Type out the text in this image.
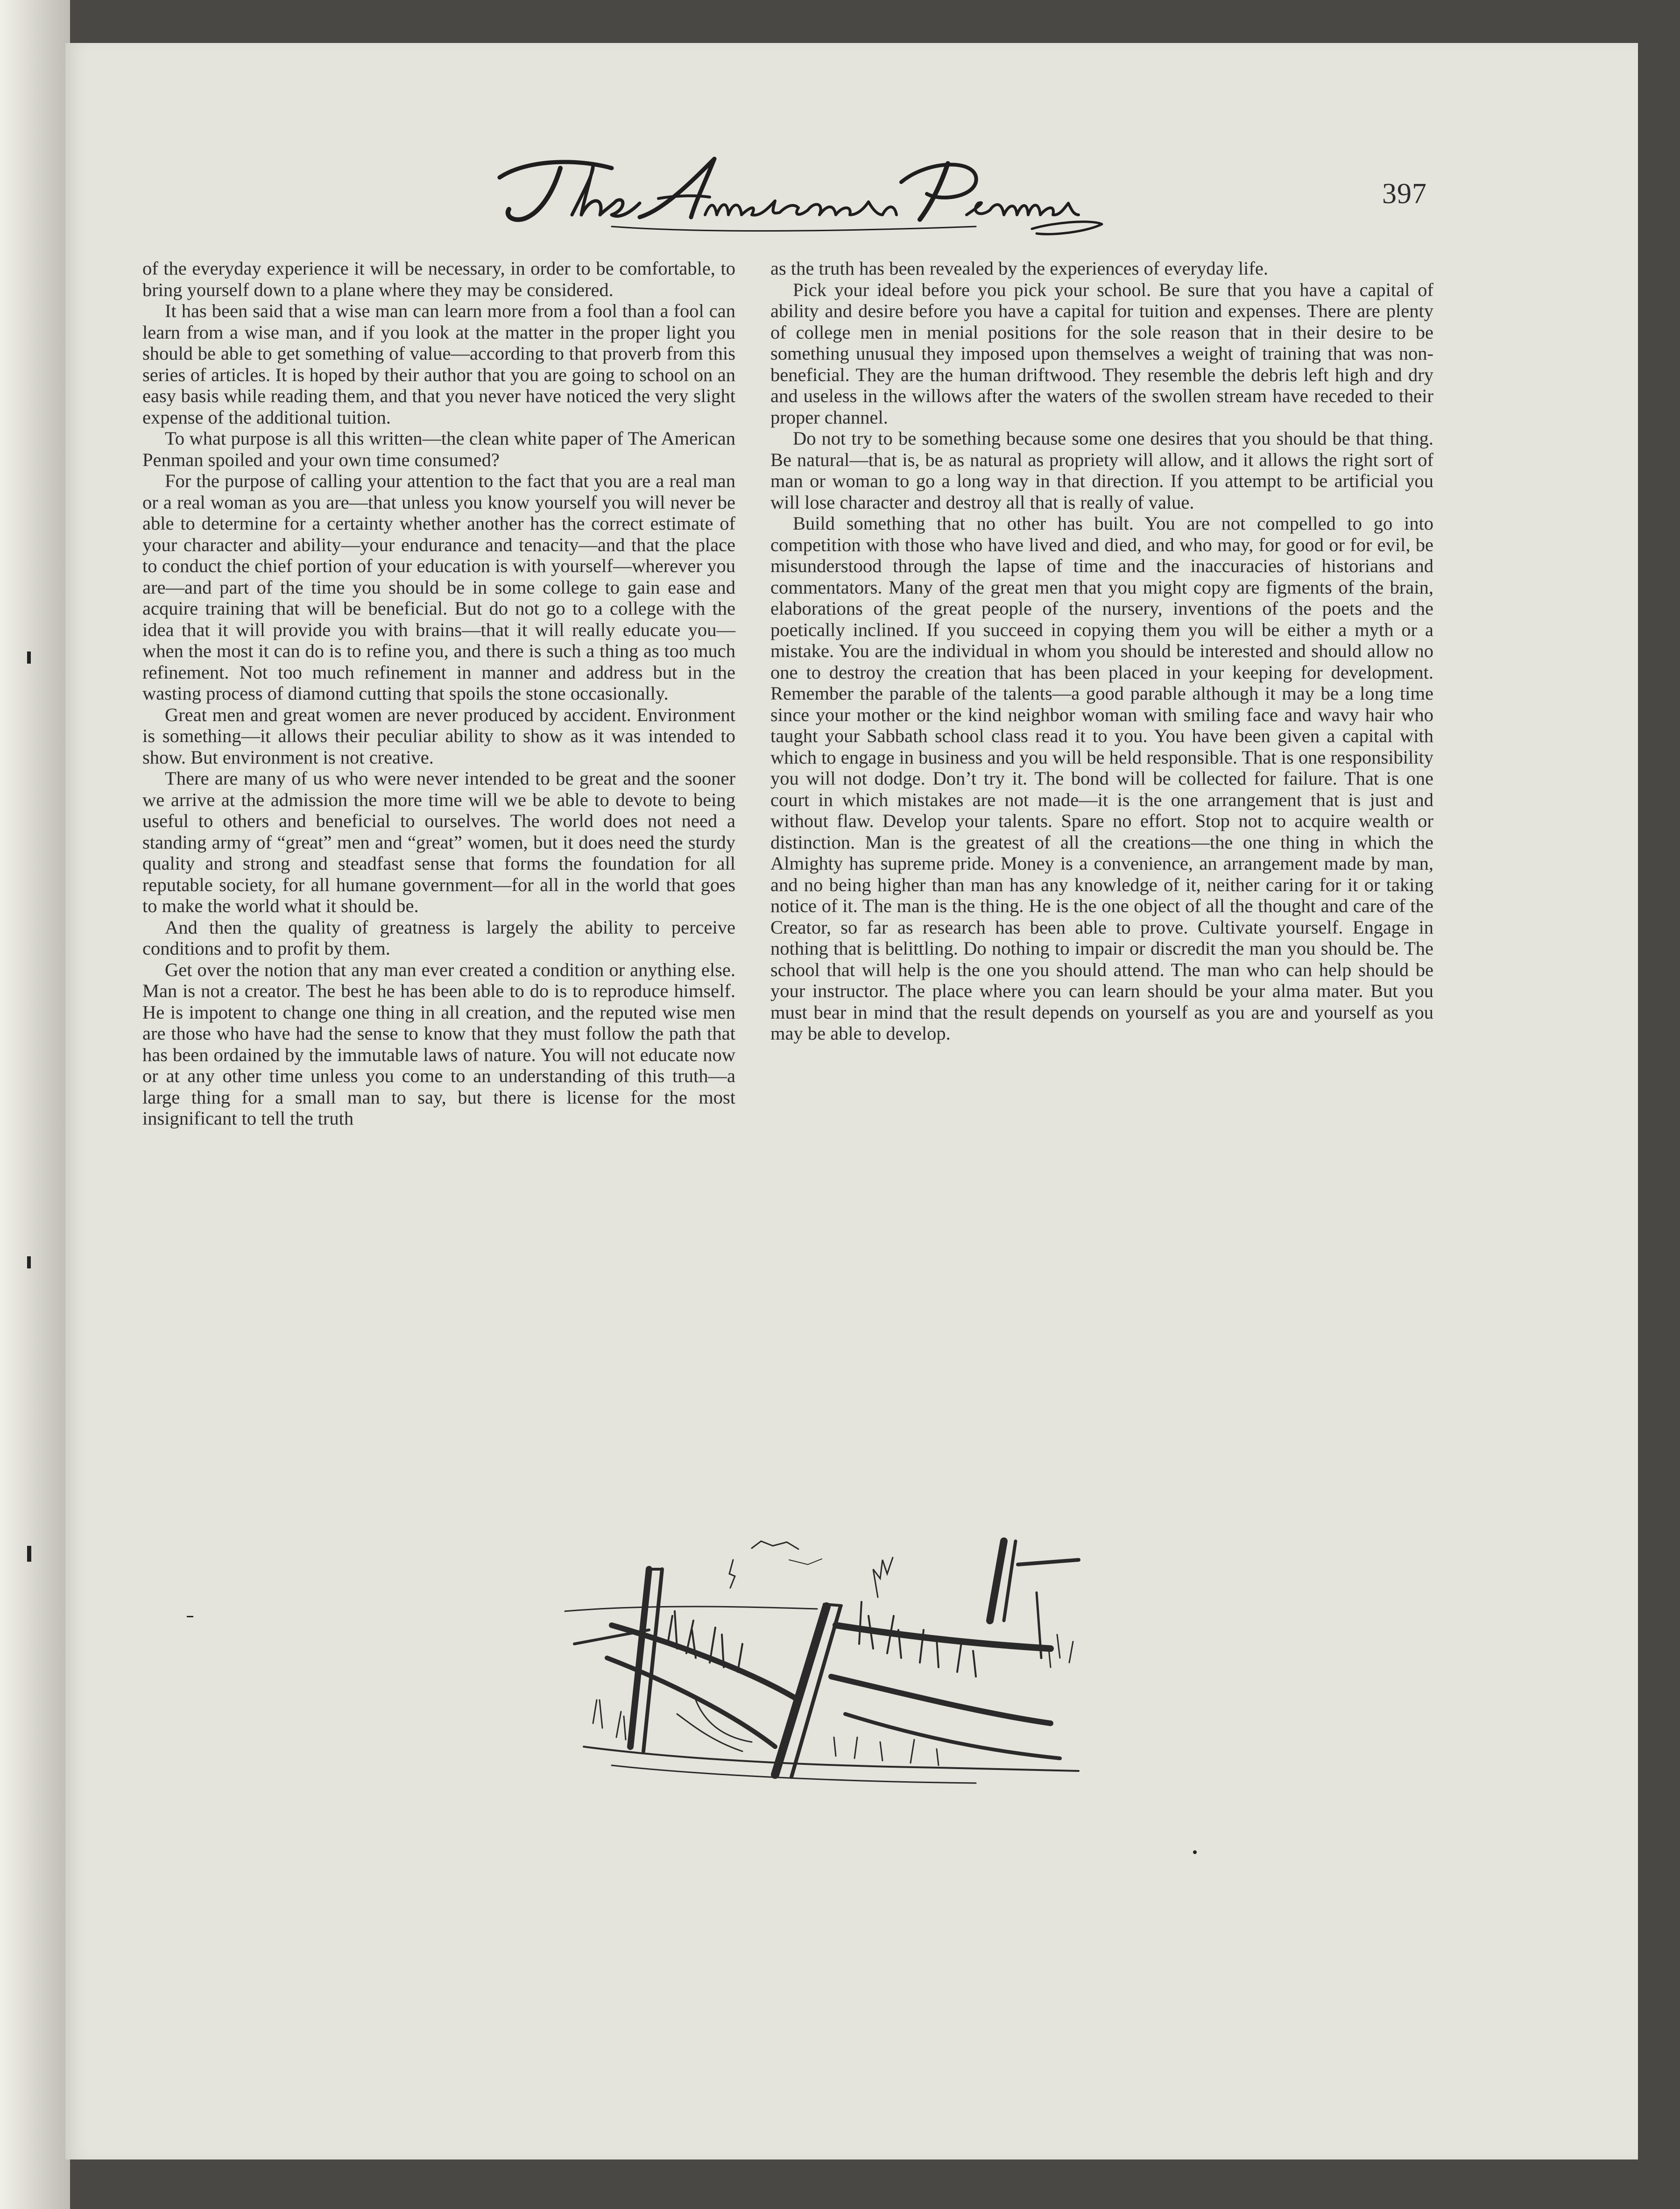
397

of the everyday experience it will be necessary, in order to be comfortable, to bring yourself down to a plane where they may be considered.

It has been said that a wise man can learn more from a fool than a fool can learn from a wise man, and if you look at the matter in the proper light you should be able to get something of value—according to that proverb from this series of articles. It is hoped by their author that you are going to school on an easy basis while reading them, and that you never have noticed the very slight expense of the additional tuition.

To what purpose is all this written—the clean white paper of The American Penman spoiled and your own time consumed?

For the purpose of calling your attention to the fact that you are a real man or a real woman as you are—that unless you know yourself you will never be able to determine for a certainty whether another has the correct estimate of your character and ability—your endurance and tenacity—and that the place to conduct the chief portion of your education is with yourself—wherever you are—and part of the time you should be in some college to gain ease and acquire training that will be beneficial. But do not go to a college with the idea that it will provide you with brains—that it will really educate you—when the most it can do is to refine you, and there is such a thing as too much refinement. Not too much refinement in manner and address but in the wasting process of diamond cutting that spoils the stone occasionally.

Great men and great women are never produced by accident. Environment is something—it allows their peculiar ability to show as it was intended to show. But environment is not creative.

There are many of us who were never intended to be great and the sooner we arrive at the admission the more time will we be able to devote to being useful to others and beneficial to ourselves. The world does not need a standing army of “great” men and “great” women, but it does need the sturdy quality and strong and steadfast sense that forms the foundation for all reputable society, for all humane government—for all in the world that goes to make the world what it should be.

And then the quality of greatness is largely the ability to perceive conditions and to profit by them.

Get over the notion that any man ever created a condition or anything else. Man is not a creator. The best he has been able to do is to reproduce himself. He is impotent to change one thing in all creation, and the reputed wise men are those who have had the sense to know that they must follow the path that has been ordained by the immutable laws of nature. You will not educate now or at any other time unless you come to an understanding of this truth—a large thing for a small man to say, but there is license for the most insignificant to tell the truth

as the truth has been revealed by the experiences of everyday life.

Pick your ideal before you pick your school. Be sure that you have a capital of ability and desire before you have a capital for tuition and expenses. There are plenty of college men in menial positions for the sole reason that in their desire to be something unusual they imposed upon themselves a weight of training that was non-beneficial. They are the human driftwood. They resemble the debris left high and dry and useless in the willows after the waters of the swollen stream have receded to their proper channel.

Do not try to be something because some one desires that you should be that thing. Be natural—that is, be as natural as propriety will allow, and it allows the right sort of man or woman to go a long way in that direction. If you attempt to be artificial you will lose character and destroy all that is really of value.

Build something that no other has built. You are not compelled to go into competition with those who have lived and died, and who may, for good or for evil, be misunderstood through the lapse of time and the inaccuracies of historians and commentators. Many of the great men that you might copy are figments of the brain, elaborations of the great people of the nursery, inventions of the poets and the poetically inclined. If you succeed in copying them you will be either a myth or a mistake. You are the individual in whom you should be interested and should allow no one to destroy the creation that has been placed in your keeping for development. Remember the parable of the talents—a good parable although it may be a long time since your mother or the kind neighbor woman with smiling face and wavy hair who taught your Sabbath school class read it to you. You have been given a capital with which to engage in business and you will be held responsible. That is one responsibility you will not dodge. Don’t try it. The bond will be collected for failure. That is one court in which mistakes are not made—it is the one arrangement that is just and without flaw. Develop your talents. Spare no effort. Stop not to acquire wealth or distinction. Man is the greatest of all the creations—the one thing in which the Almighty has supreme pride. Money is a convenience, an arrangement made by man, and no being higher than man has any knowledge of it, neither caring for it or taking notice of it. The man is the thing. He is the one object of all the thought and care of the Creator, so far as research has been able to prove. Cultivate yourself. Engage in nothing that is belittling. Do nothing to impair or discredit the man you should be. The school that will help is the one you should attend. The man who can help should be your instructor. The place where you can learn should be your alma mater. But you must bear in mind that the result depends on yourself as you are and yourself as you may be able to develop.
